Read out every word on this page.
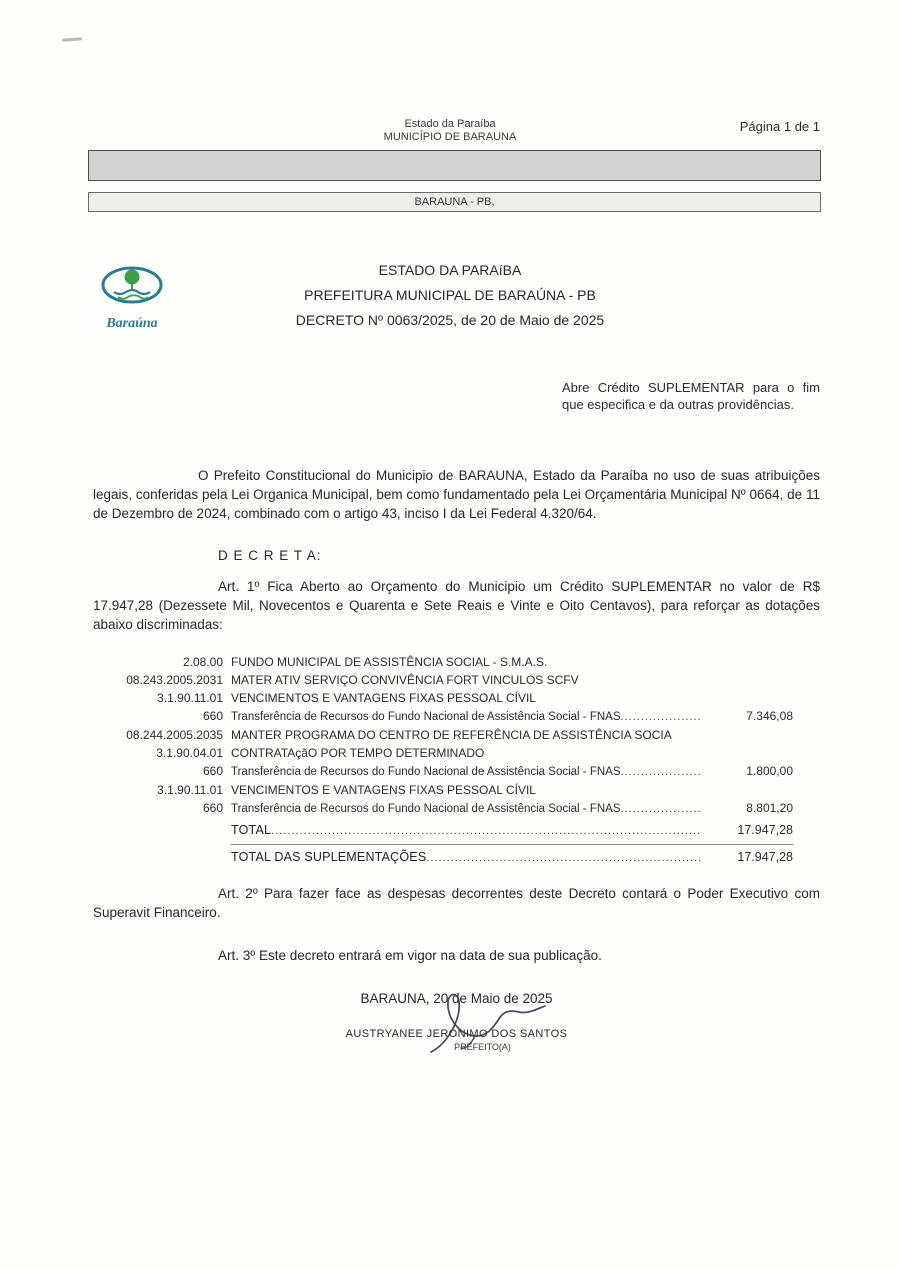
Estado da Paraíba
MUNICÍPIO DE BARAUNA
Página 1 de 1
BARAUNA - PB,
Baraúna
ESTADO DA PARAíBA
PREFEITURA MUNICIPAL DE BARAÚNA - PB
DECRETO Nº 0063/2025, de 20 de Maio de 2025
Abre Crédito SUPLEMENTAR para o fim que especifica e da outras providências.
O Prefeito Constitucional do Municipio de BARAUNA, Estado da Paraíba no uso de suas atribuições legais, conferidas pela Lei Organica Municipal, bem como fundamentado pela Lei Orçamentária Municipal Nº 0664, de 11 de Dezembro de 2024, combinado com o artigo 43, inciso I da Lei Federal 4.320/64.
D E C R E T A:
Art. 1º Fica Aberto ao Orçamento do Municipio um Crédito SUPLEMENTAR no valor de R$ 17.947,28 (Dezessete Mil, Novecentos e Quarenta e Sete Reais e Vinte e Oito Centavos), para reforçar as dotações abaixo discriminadas:
2.08.00 FUNDO MUNICIPAL DE ASSISTÊNCIA SOCIAL - S.M.A.S.
08.243.2005.2031 MATER ATIV SERVIÇO CONVIVÊNCIA FORT VINCULOS SCFV
3.1.90.11.01 VENCIMENTOS E VANTAGENS FIXAS PESSOAL CÍVIL
660 Transferência de Recursos do Fundo Nacional de Assistência Social - FNAS .....	7.346,08
08.244.2005.2035 MANTER PROGRAMA DO CENTRO DE REFERÊNCIA DE ASSISTÊNCIA SOCIA
3.1.90.04.01 CONTRATAçãO POR TEMPO DETERMINADO
660 Transferência de Recursos do Fundo Nacional de Assistência Social - FNAS .....	1.800,00
3.1.90.11.01 VENCIMENTOS E VANTAGENS FIXAS PESSOAL CÍVIL
660 Transferência de Recursos do Fundo Nacional de Assistência Social - FNAS .....	8.801,20
TOTAL .....	17.947,28
TOTAL DAS SUPLEMENTAÇÕES .....	17.947,28
Art. 2º Para fazer face as despesas decorrentes deste Decreto contará o Poder Executivo com Superavit Financeiro.
Art. 3º Este decreto entrará em vigor na data de sua publicação.
BARAUNA, 20 de Maio de 2025
AUSTRYANEE JERONIMO DOS SANTOS
PREFEITO(A)
